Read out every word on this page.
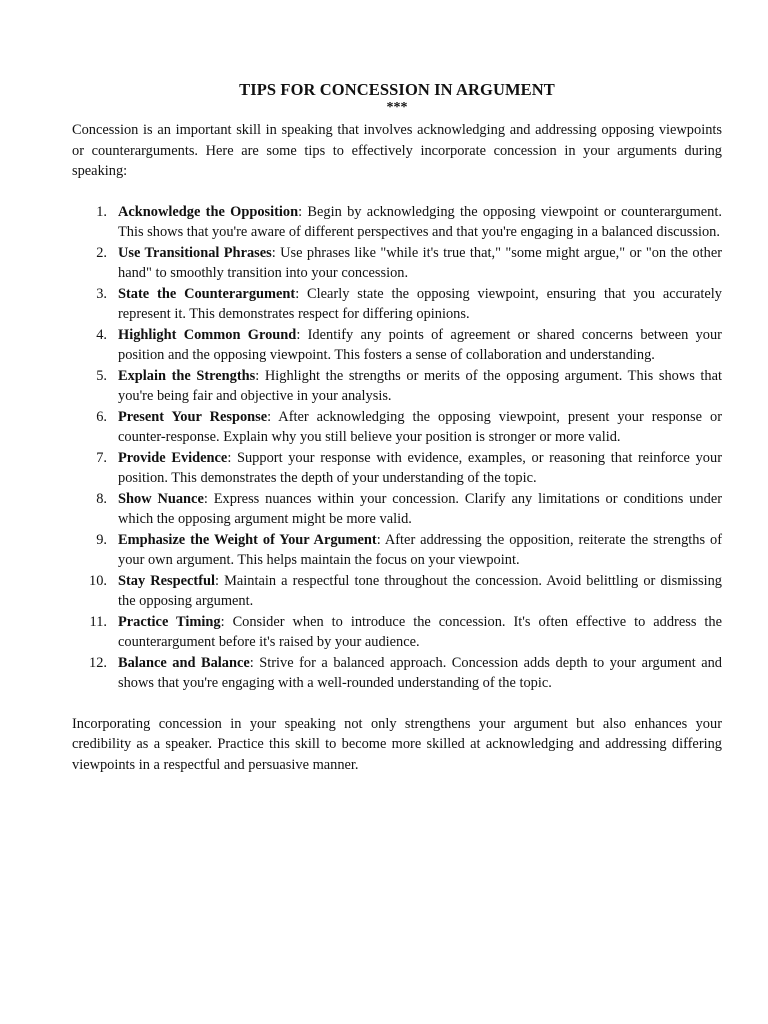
TIPS FOR CONCESSION IN ARGUMENT
***

Concession is an important skill in speaking that involves acknowledging and addressing opposing viewpoints or counterarguments. Here are some tips to effectively incorporate concession in your arguments during speaking:

1. Acknowledge the Opposition: Begin by acknowledging the opposing viewpoint or counterargument. This shows that you're aware of different perspectives and that you're engaging in a balanced discussion.
2. Use Transitional Phrases: Use phrases like "while it's true that," "some might argue," or "on the other hand" to smoothly transition into your concession.
3. State the Counterargument: Clearly state the opposing viewpoint, ensuring that you accurately represent it. This demonstrates respect for differing opinions.
4. Highlight Common Ground: Identify any points of agreement or shared concerns between your position and the opposing viewpoint. This fosters a sense of collaboration and understanding.
5. Explain the Strengths: Highlight the strengths or merits of the opposing argument. This shows that you're being fair and objective in your analysis.
6. Present Your Response: After acknowledging the opposing viewpoint, present your response or counter-response. Explain why you still believe your position is stronger or more valid.
7. Provide Evidence: Support your response with evidence, examples, or reasoning that reinforce your position. This demonstrates the depth of your understanding of the topic.
8. Show Nuance: Express nuances within your concession. Clarify any limitations or conditions under which the opposing argument might be more valid.
9. Emphasize the Weight of Your Argument: After addressing the opposition, reiterate the strengths of your own argument. This helps maintain the focus on your viewpoint.
10. Stay Respectful: Maintain a respectful tone throughout the concession. Avoid belittling or dismissing the opposing argument.
11. Practice Timing: Consider when to introduce the concession. It's often effective to address the counterargument before it's raised by your audience.
12. Balance and Balance: Strive for a balanced approach. Concession adds depth to your argument and shows that you're engaging with a well-rounded understanding of the topic.

Incorporating concession in your speaking not only strengthens your argument but also enhances your credibility as a speaker. Practice this skill to become more skilled at acknowledging and addressing differing viewpoints in a respectful and persuasive manner.
